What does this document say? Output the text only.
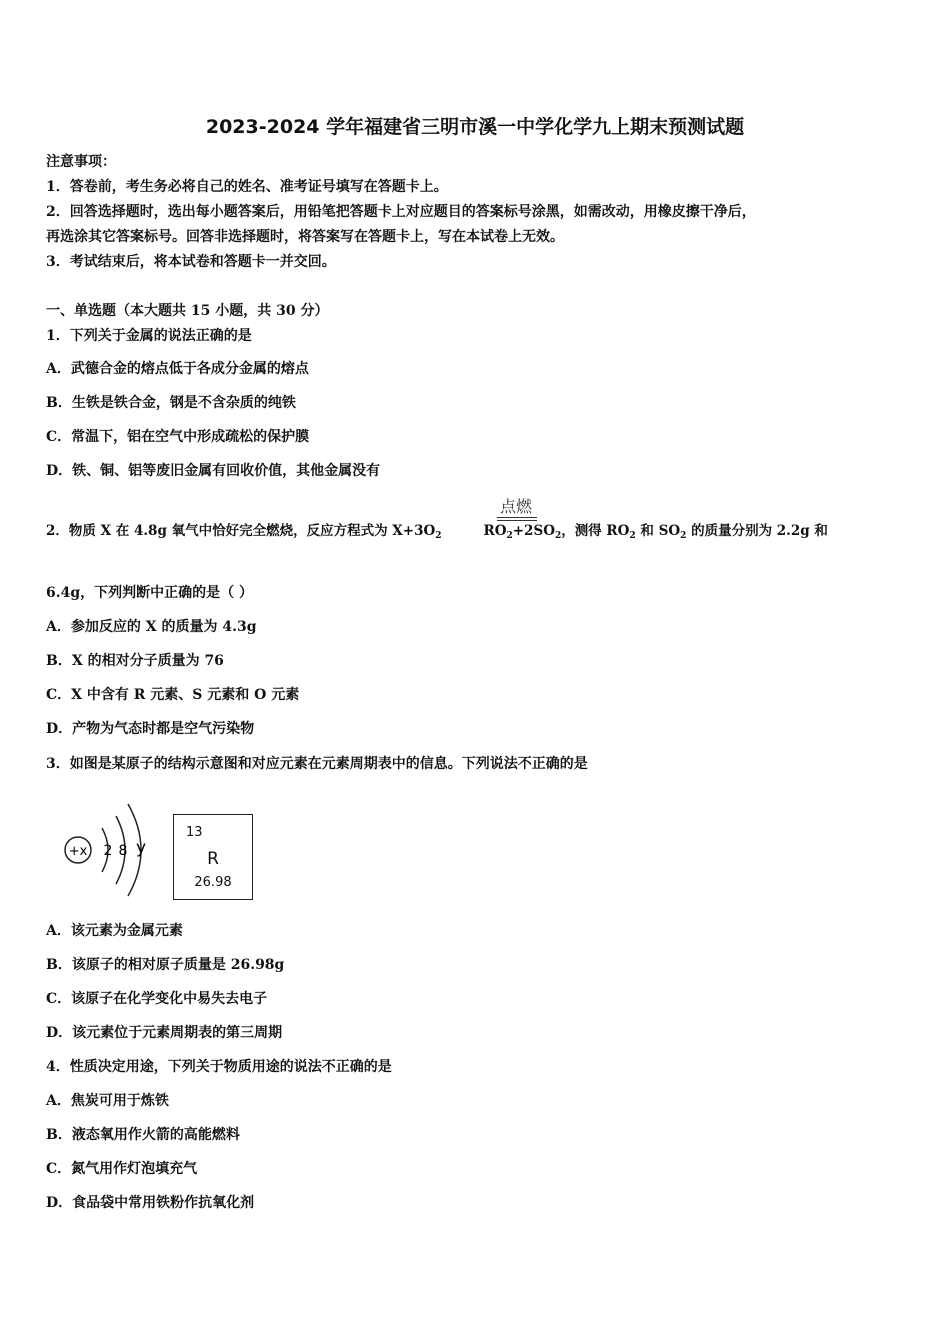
2023-2024 学年福建省三明市溪一中学化学九上期末预测试题
注意事项：
1．答卷前，考生务必将自己的姓名、准考证号填写在答题卡上。
2．回答选择题时，选出每小题答案后，用铅笔把答题卡上对应题目的答案标号涂黑，如需改动，用橡皮擦干净后，
再选涂其它答案标号。回答非选择题时，将答案写在答题卡上，写在本试卷上无效。
3．考试结束后，将本试卷和答题卡一并交回。
一、单选题（本大题共 15 小题，共 30 分）
1．下列关于金属的说法正确的是
A．武德合金的熔点低于各成分金属的熔点
B．生铁是铁合金，钢是不含杂质的纯铁
C．常温下，铝在空气中形成疏松的保护膜
D．铁、铜、铝等废旧金属有回收价值，其他金属没有
2．物质 X 在 4.8g 氧气中恰好完全燃烧，反应方程式为 $X+3O_2$	$RO_2+2SO_2$，测得 $RO_2$ 和 $SO_2$ 的质量分别为 2.2g 和
点燃
6.4g，下列判断中正确的是（ ）
A．参加反应的 X 的质量为 4.3g
B．X 的相对分子质量为 76
C．X 中含有 R 元素、S 元素和 O 元素
D．产物为气态时都是空气污染物
3．如图是某原子的结构示意图和对应元素在元素周期表中的信息。下列说法不正确的是
+x 2 8 y
13
R
26.98
A．该元素为金属元素
B．该原子的相对原子质量是 26.98g
C．该原子在化学变化中易失去电子
D．该元素位于元素周期表的第三周期
4．性质决定用途，下列关于物质用途的说法不正确的是
A．焦炭可用于炼铁
B．液态氧用作火箭的高能燃料
C．氮气用作灯泡填充气
D．食品袋中常用铁粉作抗氧化剂
